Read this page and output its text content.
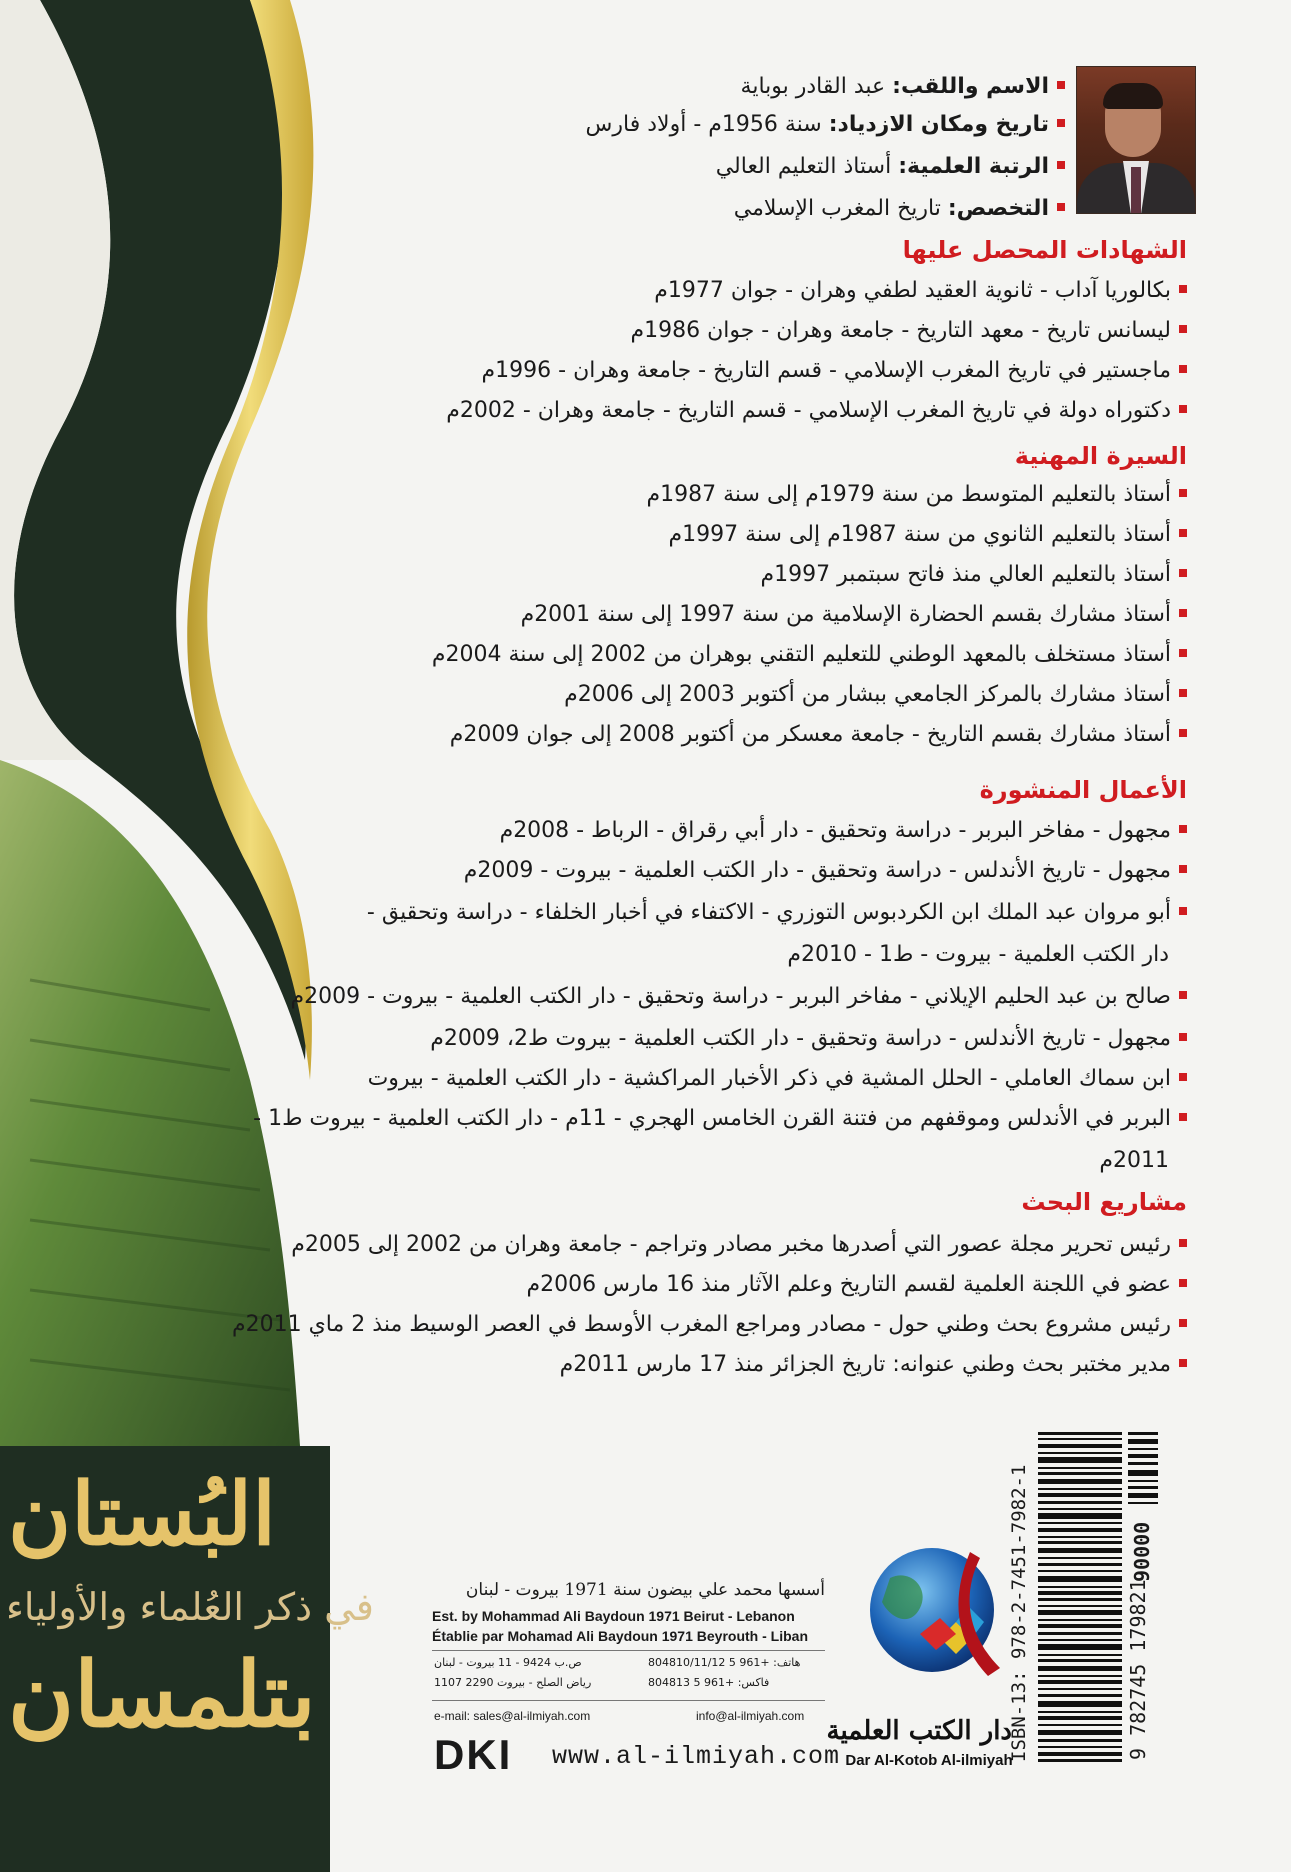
البُستان
في ذكر العُلماء والأولياء
بتلمسان
الاسم واللقب: عبد القادر بوباية
تاريخ ومكان الازدياد: سنة 1956م - أولاد فارس
الرتبة العلمية: أستاذ التعليم العالي
التخصص: تاريخ المغرب الإسلامي
الشهادات المحصل عليها
بكالوريا آداب - ثانوية العقيد لطفي وهران - جوان 1977م
ليسانس تاريخ - معهد التاريخ - جامعة وهران - جوان 1986م
ماجستير في تاريخ المغرب الإسلامي - قسم التاريخ - جامعة وهران - 1996م
دكتوراه دولة في تاريخ المغرب الإسلامي - قسم التاريخ - جامعة وهران - 2002م
السيرة المهنية
أستاذ بالتعليم المتوسط من سنة 1979م إلى سنة 1987م
أستاذ بالتعليم الثانوي من سنة 1987م إلى سنة 1997م
أستاذ بالتعليم العالي منذ فاتح سبتمبر 1997م
أستاذ مشارك بقسم الحضارة الإسلامية من سنة 1997 إلى سنة 2001م
أستاذ مستخلف بالمعهد الوطني للتعليم التقني بوهران من 2002 إلى سنة 2004م
أستاذ مشارك بالمركز الجامعي ببشار من أكتوبر 2003 إلى 2006م
أستاذ مشارك بقسم التاريخ - جامعة معسكر من أكتوبر 2008 إلى جوان 2009م
الأعمال المنشورة
مجهول - مفاخر البربر - دراسة وتحقيق - دار أبي رقراق - الرباط - 2008م
مجهول - تاريخ الأندلس - دراسة وتحقيق - دار الكتب العلمية - بيروت - 2009م
أبو مروان عبد الملك ابن الكردبوس التوزري - الاكتفاء في أخبار الخلفاء - دراسة وتحقيق -
دار الكتب العلمية - بيروت - ط1 - 2010م
صالح بن عبد الحليم الإيلاني - مفاخر البربر - دراسة وتحقيق - دار الكتب العلمية - بيروت - 2009م
مجهول - تاريخ الأندلس - دراسة وتحقيق - دار الكتب العلمية - بيروت ط2، 2009م
ابن سماك العاملي - الحلل المشية في ذكر الأخبار المراكشية - دار الكتب العلمية - بيروت
البربر في الأندلس وموقفهم من فتنة القرن الخامس الهجري - 11م - دار الكتب العلمية - بيروت ط1 -
2011م
مشاريع البحث
رئيس تحرير مجلة عصور التي أصدرها مخبر مصادر وتراجم - جامعة وهران من 2002 إلى 2005م
عضو في اللجنة العلمية لقسم التاريخ وعلم الآثار منذ 16 مارس 2006م
رئيس مشروع بحث وطني حول - مصادر ومراجع المغرب الأوسط في العصر الوسيط منذ 2 ماي 2011م
مدير مختبر بحث وطني عنوانه: تاريخ الجزائر منذ 17 مارس 2011م
90000
ISBN-13: 978-2-7451-7982-1	9 782745 179821
دار الكتب العلمية
Dar Al-Kotob Al-ilmiyah
أسسها محمد علي بيضون سنة 1971 بيروت - لبنان
Est. by Mohammad Ali Baydoun 1971 Beirut - Lebanon
Établie par Mohamad Ali Baydoun 1971 Beyrouth - Liban
هاتف: +961 5 804810/11/12
فاكس: +961 5 804813
ص.ب 9424 - 11 بيروت - لبنان
رياض الصلح - بيروت 2290 1107
e-mail: sales@al-ilmiyah.com	info@al-ilmiyah.com
DKI www.al-ilmiyah.com
